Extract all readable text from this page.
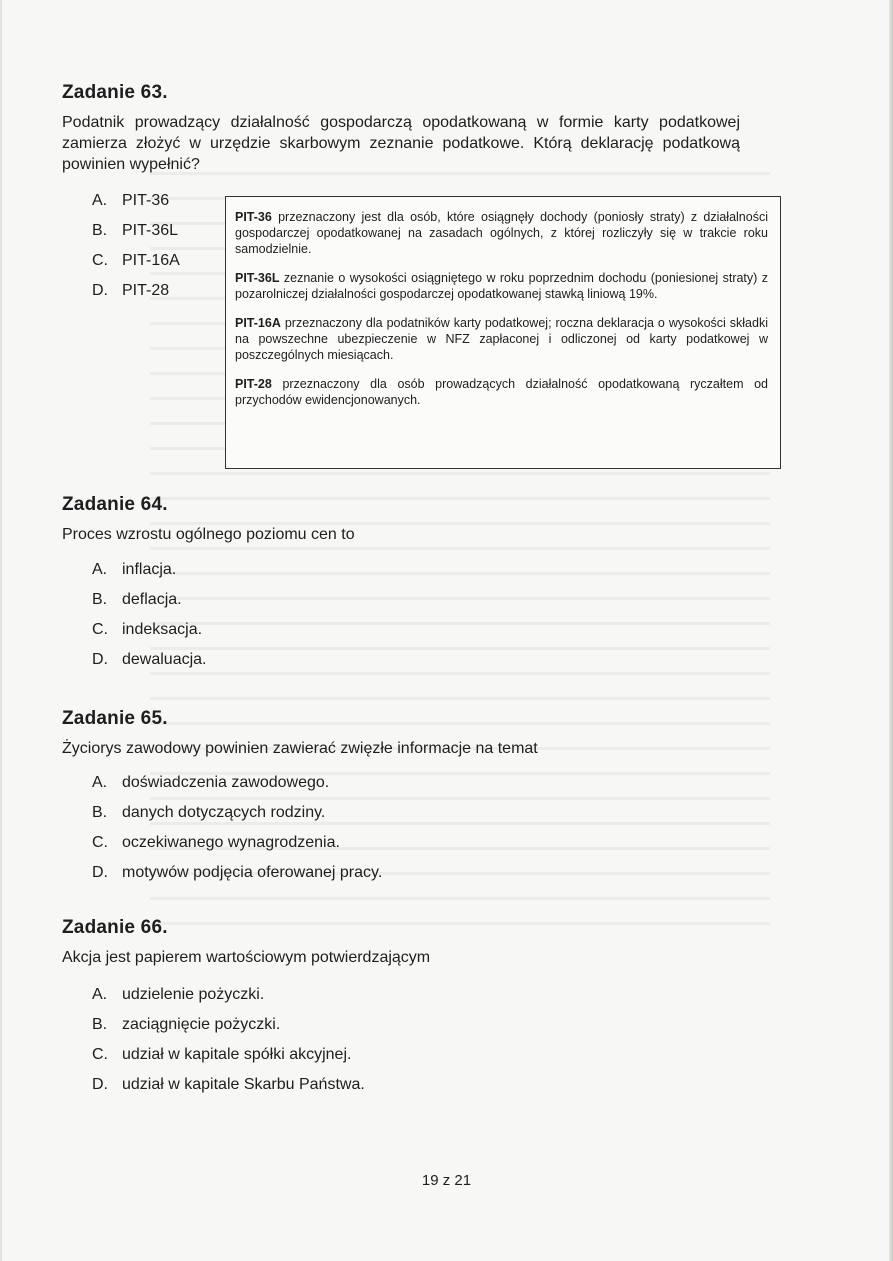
Zadanie 63.
Podatnik prowadzący działalność gospodarczą opodatkowaną w formie karty podatkowej zamierza złożyć w urzędzie skarbowym zeznanie podatkowe. Którą deklarację podatkową powinien wypełnić?
A. PIT-36
B. PIT-36L
C. PIT-16A
D. PIT-28

PIT-36 przeznaczony jest dla osób, które osiągnęły dochody (poniosły straty) z działalności gospodarczej opodatkowanej na zasadach ogólnych, z której rozliczyły się w trakcie roku samodzielnie.

PIT-36L zeznanie o wysokości osiągniętego w roku poprzednim dochodu (poniesionej straty) z pozarolniczej działalności gospodarczej opodatkowanej stawką liniową 19%.

PIT-16A przeznaczony dla podatników karty podatkowej; roczna deklaracja o wysokości składki na powszechne ubezpieczenie w NFZ zapłaconej i odliczonej od karty podatkowej w poszczególnych miesiącach.

PIT-28 przeznaczony dla osób prowadzących działalność opodatkowaną ryczałtem od przychodów ewidencjonowanych.

Zadanie 64.
Proces wzrostu ogólnego poziomu cen to
A. inflacja.
B. deflacja.
C. indeksacja.
D. dewaluacja.
Zadanie 65.
Życiorys zawodowy powinien zawierać zwięzłe informacje na temat
A. doświadczenia zawodowego.
B. danych dotyczących rodziny.
C. oczekiwanego wynagrodzenia.
D. motywów podjęcia oferowanej pracy.
Zadanie 66.
Akcja jest papierem wartościowym potwierdzającym
A. udzielenie pożyczki.
B. zaciągnięcie pożyczki.
C. udział w kapitale spółki akcyjnej.
D. udział w kapitale Skarbu Państwa.
19 z 21
